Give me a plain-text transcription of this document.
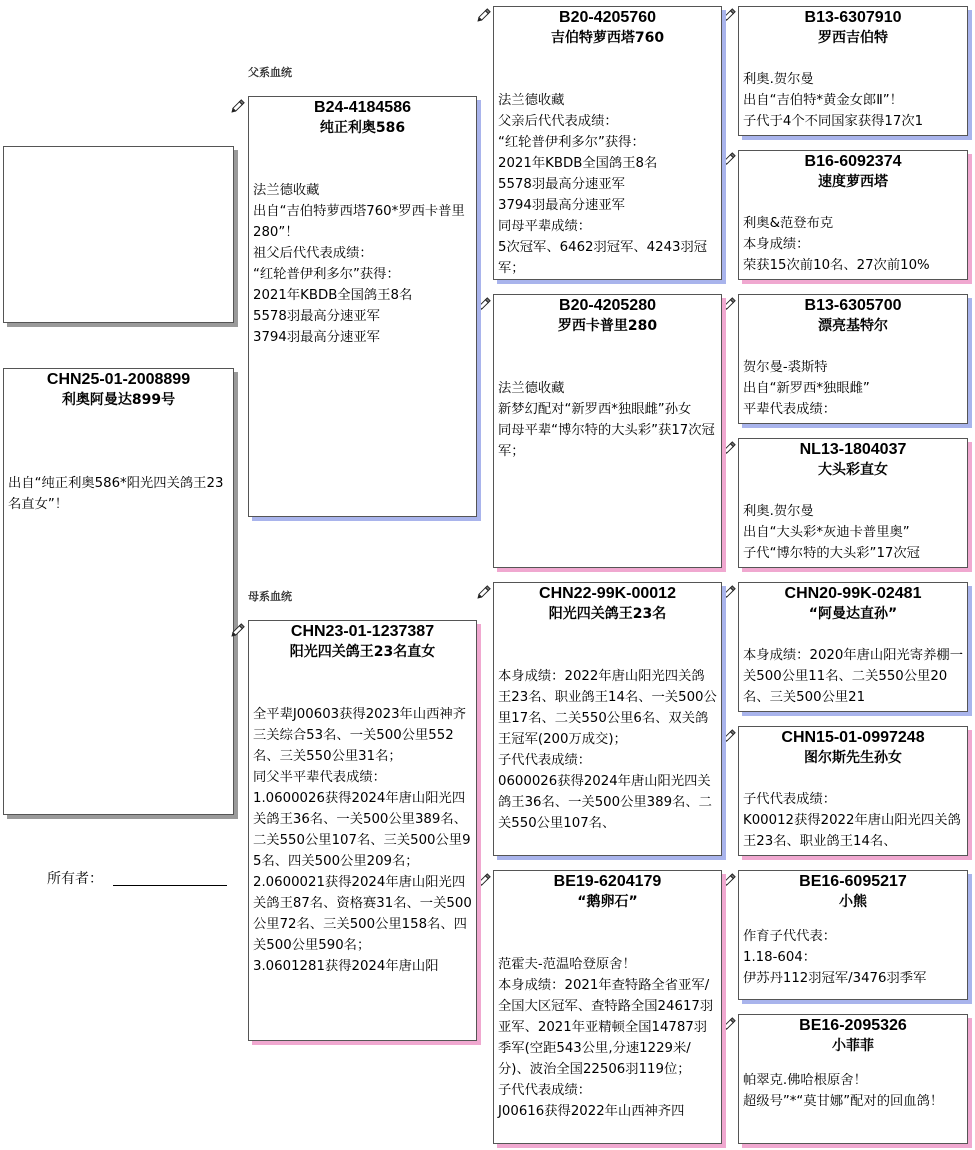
CHN25-01-2008899
利奥阿曼达899号
出自“纯正利奥586*阳光四关鸽王23名直女”！
所有者：
父系血统
母系血统
B24-4184586
纯正利奥586
法兰德收藏
出自“吉伯特萝西塔760*罗西卡普里280”！
祖父后代代表成绩：
“红轮普伊利多尔”获得：
2021年KBDB全国鸽王8名
5578羽最高分速亚军
3794羽最高分速亚军
CHN23-01-1237387
阳光四关鸽王23名直女
全平辈J00603获得2023年山西神齐三关综合53名、一关500公里552名、三关550公里31名；
同父半平辈代表成绩：
1.0600026获得2024年唐山阳光四关鸽王36名、一关500公里389名、二关550公里107名、三关500公里95名、四关500公里209名；
2.0600021获得2024年唐山阳光四关鸽王87名、资格赛31名、一关500公里72名、三关500公里158名、四关500公里590名；
3.0601281获得2024年唐山阳
B20-4205760
吉伯特萝西塔760
法兰德收藏
父亲后代代表成绩：
“红轮普伊利多尔”获得：
2021年KBDB全国鸽王8名
5578羽最高分速亚军
3794羽最高分速亚军
同母平辈成绩：
5次冠军、6462羽冠军、4243羽冠军；
B20-4205280
罗西卡普里280
法兰德收藏
新梦幻配对“新罗西*独眼雌”孙女
同母平辈“博尔特的大头彩”获17次冠军；
CHN22-99K-00012
阳光四关鸽王23名
本身成绩：2022年唐山阳光四关鸽王23名、职业鸽王14名、一关500公里17名、二关550公里6名、双关鸽王冠军(200万成交)；
子代代表成绩：
0600026获得2024年唐山阳光四关鸽王36名、一关500公里389名、二关550公里107名、
BE19-6204179
“鹅卵石”
范霍夫-范温哈登原舍！
本身成绩：2021年查特路全省亚军/全国大区冠军、查特路全国24617羽亚军、2021年亚精顿全国14787羽季军(空距543公里,分速1229米/分)、波治全国22506羽119位；
子代代表成绩：
J00616获得2022年山西神齐四
B13-6307910
罗西吉伯特
利奥.贺尔曼
出自“吉伯特*黄金女郎Ⅱ”！
子代于4个不同国家获得17次1
B16-6092374
速度萝西塔
利奥&范登布克
本身成绩：
荣获15次前10名、27次前10%
B13-6305700
漂亮基特尔
贺尔曼-裘斯特
出自“新罗西*独眼雌”
平辈代表成绩：
NL13-1804037
大头彩直女
利奥.贺尔曼
出自“大头彩*灰迪卡普里奥”
子代“博尔特的大头彩”17次冠
CHN20-99K-02481
“阿曼达直孙”
本身成绩：2020年唐山阳光寄养棚一关500公里11名、二关550公里20名、三关500公里21
CHN15-01-0997248
图尔斯先生孙女
子代代表成绩：
K00012获得2022年唐山阳光四关鸽王23名、职业鸽王14名、
BE16-6095217
小熊
作育子代代表：
1.18-604：
伊苏丹112羽冠军/3476羽季军
BE16-2095326
小菲菲
帕翠克.佛哈根原舍！
超级号”*“莫甘娜”配对的回血鸽！
